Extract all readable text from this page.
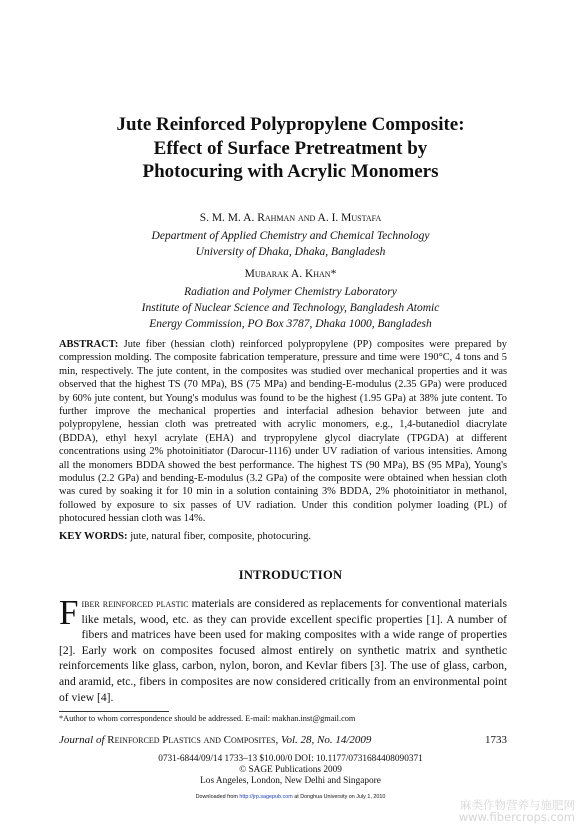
Jute Reinforced Polypropylene Composite:
Effect of Surface Pretreatment by
Photocuring with Acrylic Monomers
S. M. M. A. Rahman and A. I. Mustafa
Department of Applied Chemistry and Chemical Technology
University of Dhaka, Dhaka, Bangladesh
Mubarak A. Khan*
Radiation and Polymer Chemistry Laboratory
Institute of Nuclear Science and Technology, Bangladesh Atomic
Energy Commission, PO Box 3787, Dhaka 1000, Bangladesh
ABSTRACT: Jute fiber (hessian cloth) reinforced polypropylene (PP) composites were prepared by compression molding. The composite fabrication temperature, pressure and time were 190°C, 4 tons and 5 min, respectively. The jute content, in the composites was studied over mechanical properties and it was observed that the highest TS (70 MPa), BS (75 MPa) and bending-E-modulus (2.35 GPa) were produced by 60% jute content, but Young's modulus was found to be the highest (1.95 GPa) at 38% jute content. To further improve the mechanical properties and interfacial adhesion behavior between jute and polypropylene, hessian cloth was pretreated with acrylic monomers, e.g., 1,4-butanediol diacrylate (BDDA), ethyl hexyl acrylate (EHA) and trypropylene glycol diacrylate (TPGDA) at different concentrations using 2% photoinitiator (Darocur-1116) under UV radiation of various intensities. Among all the monomers BDDA showed the best performance. The highest TS (90 MPa), BS (95 MPa), Young's modulus (2.2 GPa) and bending-E-modulus (3.2 GPa) of the composite were obtained when hessian cloth was cured by soaking it for 10 min in a solution containing 3% BDDA, 2% photoinitiator in methanol, followed by exposure to six passes of UV radiation. Under this condition polymer loading (PL) of photocured hessian cloth was 14%.
KEY WORDS: jute, natural fiber, composite, photocuring.
INTRODUCTION
Fiber reinforced plastic materials are considered as replacements for conventional materials like metals, wood, etc. as they can provide excellent specific properties [1]. A number of fibers and matrices have been used for making composites with a wide range of properties [2]. Early work on composites focused almost entirely on synthetic matrix and synthetic reinforcements like glass, carbon, nylon, boron, and Kevlar fibers [3]. The use of glass, carbon, and aramid, etc., fibers in composites are now considered critically from an environmental point of view [4].
*Author to whom correspondence should be addressed. E-mail: makhan.inst@gmail.com
Journal of Reinforced Plastics and Composites, Vol. 28, No. 14/2009	1733
0731-6844/09/14 1733–13 $10.00/0 DOI: 10.1177/0731684408090371
© SAGE Publications 2009
Los Angeles, London, New Delhi and Singapore
Downloaded from http://jrp.sagepub.com at Donghua University on July 1, 2010
麻类作物营养与施肥网
www.fibercrops.com
